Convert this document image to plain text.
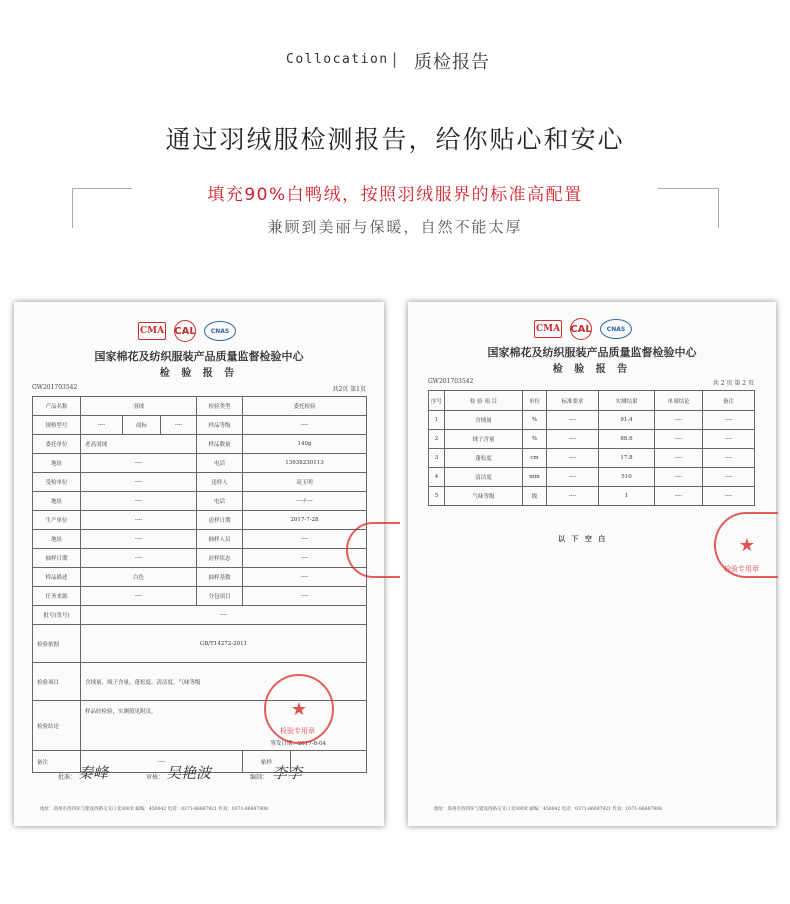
Collocation | 质检报告
通过羽绒服检测报告，给你贴心和安心
填充90%白鸭绒，按照羽绒服界的标准高配置
兼顾到美丽与保暖，自然不能太厚
CMA CAL	CNAS
国家棉花及纺织服装产品质量监督检验中心
检 验 报 告
GW201703542	共2页 第1页
产品名称	羽绒			检验类型	委托检验	
规格型号	----	商标	----	样品等级	----	
委托单位	老高羽绒			样品数量	140g	
地址	----			电话	13938230113	
受检单位	----			送样人	高玉明	
地址	----			电话	----/----	
生产单位	----			送样日期	2017-7-28	
地址	----			抽样人员	----	
抽样日期	----			封样状态	----	
样品描述	白色			抽样基数	----	
任务来源	----			分包项目	----	
批号(货号)	----					
检验依据	GB/T14272-2011					
检验项目	含绒量、绒子含量、蓬松度、清洁度、气味等级					
检验结论	样品经检验，实测值见附页。
签发日期：2017-8-04					

备注	----				贴样	
★
检验专用章
批准： 秦峰	审核： 吴艳波	编制： 李李
地址：郑州市西四环与建设西路交叉口北300米 邮编：450042 电话：0371-86687921 传真：0371-86687908
CMA CAL	CNAS
国家棉花及纺织服装产品质量监督检验中心
检 验 报 告
GW201703542	共 2 页 第 2 页
序号	检 验 项 目	单位	标准要求	实测结果	单项结论	备注
1	含绒量	%	----	91.4	----	----
2	绒子含量	%	----	88.6	----	----
3	蓬松度	cm	----	17.8	----	----
4	清洁度	mm	----	510	----	----
5	气味等级	级	----	1	----	----
以 下 空 白	★
检验专用章
地址：郑州市西四环与建设西路交叉口北300米 邮编：450042 电话：0371-86687921 传真：0371-86687908
